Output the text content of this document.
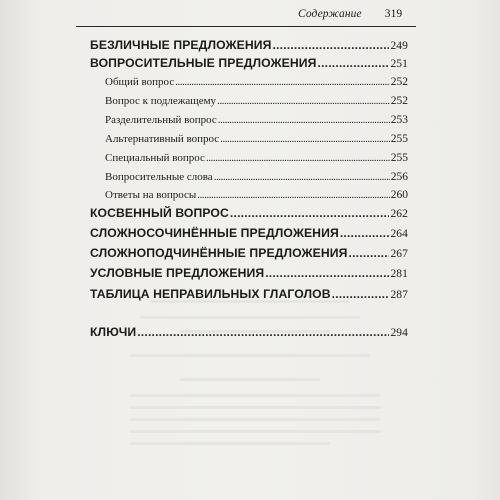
Содержание 319
БЕЗЛИЧНЫЕ ПРЕДЛОЖЕНИЯ . . .	249
ВОПРОСИТЕЛЬНЫЕ ПРЕДЛОЖЕНИЯ . . .	251
Общий вопрос . . .	252
Вопрос к подлежащему . . .	252
Разделительный вопрос . . .	253
Альтернативный вопрос . . .	255
Специальный вопрос . . .	255
Вопросительные слова . . .	256
Ответы на вопросы . . .	260
КОСВЕННЫЙ ВОПРОС . . .	262
СЛОЖНОСОЧИНЁННЫЕ ПРЕДЛОЖЕНИЯ . . .	264
СЛОЖНОПОДЧИНЁННЫЕ ПРЕДЛОЖЕНИЯ . . .	267
УСЛОВНЫЕ ПРЕДЛОЖЕНИЯ . . .	281
ТАБЛИЦА НЕПРАВИЛЬНЫХ ГЛАГОЛОВ . . .	287
КЛЮЧИ . . .	294
